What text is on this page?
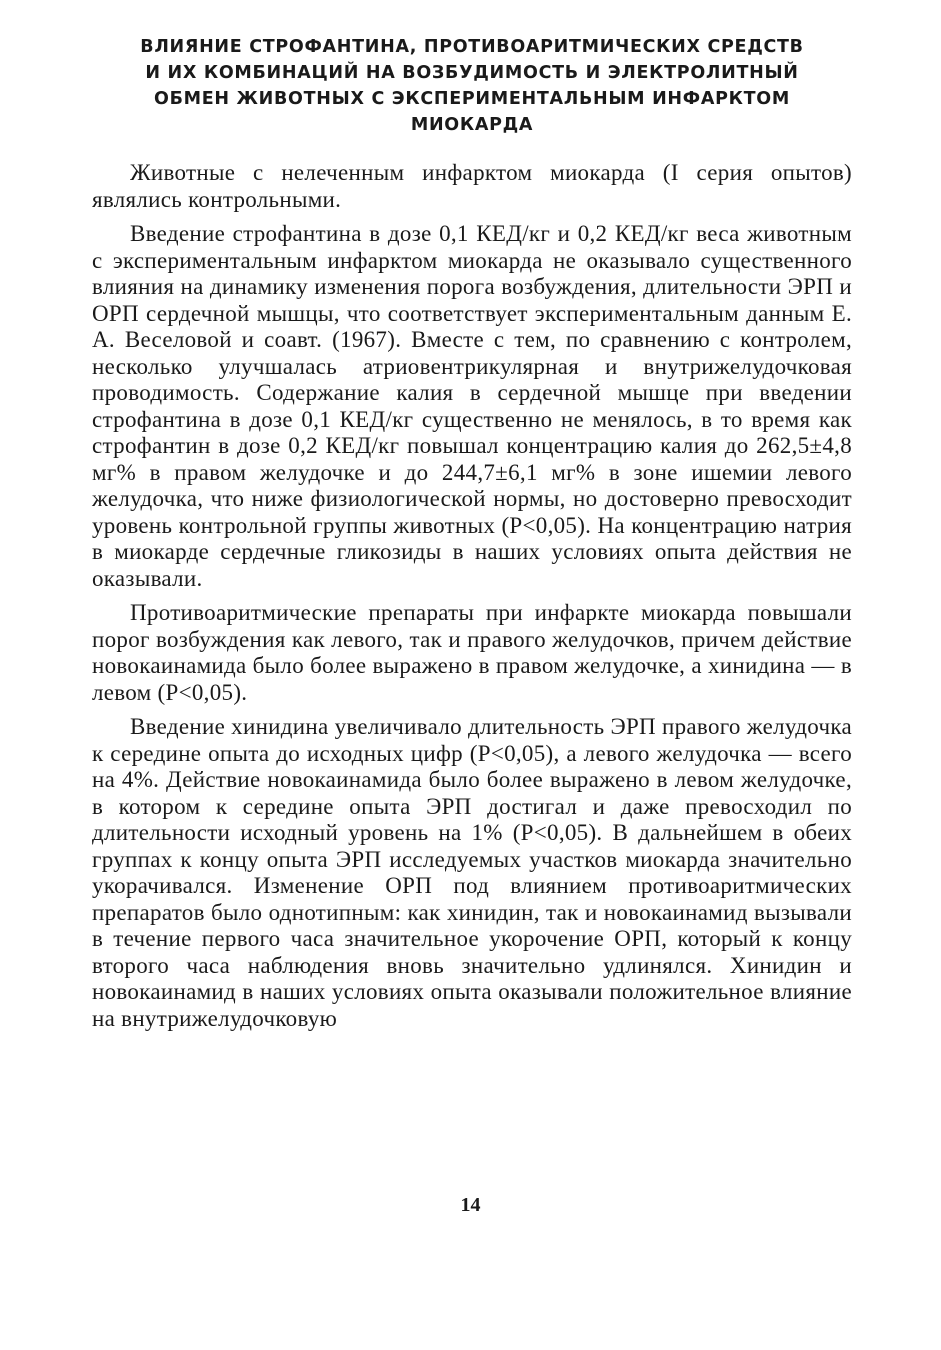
ВЛИЯНИЕ СТРОФАНТИНА, ПРОТИВОАРИТМИЧЕСКИХ СРЕДСТВ
И ИХ КОМБИНАЦИЙ НА ВОЗБУДИМОСТЬ И ЭЛЕКТРОЛИТНЫЙ
ОБМЕН ЖИВОТНЫХ С ЭКСПЕРИМЕНТАЛЬНЫМ ИНФАРКТОМ
МИОКАРДА

Животные с нелеченным инфарктом миокарда (I серия опытов) являлись контрольными.

Введение строфантина в дозе 0,1 КЕД/кг и 0,2 КЕД/кг веса животным с экспериментальным инфарктом миокарда не оказывало существенного влияния на динамику изменения порога возбуждения, длительности ЭРП и ОРП сердечной мышцы, что соответствует экспериментальным данным Е. А. Веселовой и соавт. (1967). Вместе с тем, по сравнению с контролем, несколько улучшалась атриовентрикулярная и внутрижелудочковая проводимость. Содержание калия в сердечной мышце при введении строфантина в дозе 0,1 КЕД/кг существенно не менялось, в то время как строфантин в дозе 0,2 КЕД/кг повышал концентрацию калия до 262,5±4,8 мг% в правом желудочке и до 244,7±6,1 мг% в зоне ишемии левого желудочка, что ниже физиологической нормы, но достоверно превосходит уровень контрольной группы животных (Р<0,05). На концентрацию натрия в миокарде сердечные гликозиды в наших условиях опыта действия не оказывали.

Противоаритмические препараты при инфаркте миокарда повышали порог возбуждения как левого, так и правого желудочков, причем действие новокаинамида было более выражено в правом желудочке, а хинидина — в левом (Р<0,05).

Введение хинидина увеличивало длительность ЭРП правого желудочка к середине опыта до исходных цифр (Р<0,05), а левого желудочка — всего на 4%. Действие новокаинамида было более выражено в левом желудочке, в котором к середине опыта ЭРП достигал и даже превосходил по длительности исходный уровень на 1% (Р<0,05). В дальнейшем в обеих группах к концу опыта ЭРП исследуемых участков миокарда значительно укорачивался. Изменение ОРП под влиянием противоаритмических препаратов было однотипным: как хинидин, так и новокаинамид вызывали в течение первого часа значительное укорочение ОРП, который к концу второго часа наблюдения вновь значительно удлинялся. Хинидин и новокаинамид в наших условиях опыта оказывали положительное влияние на внутрижелудочковую

14
